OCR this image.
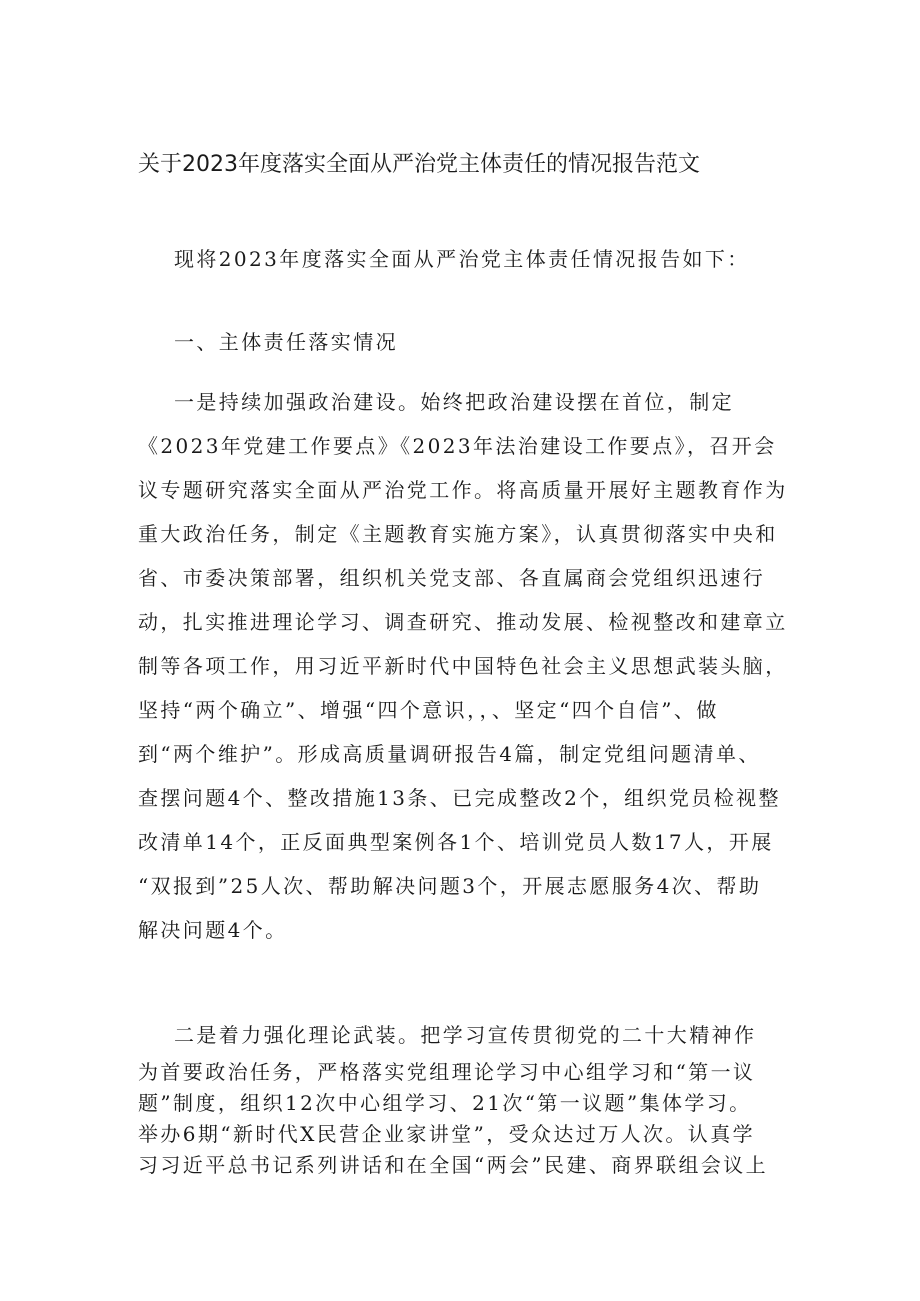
关于2023年度落实全面从严治党主体责任的情况报告范文
现将2023年度落实全面从严治党主体责任情况报告如下：
一、主体责任落实情况
一是持续加强政治建设。始终把政治建设摆在首位，制定
《2023年党建工作要点》《2023年法治建设工作要点》，召开会
议专题研究落实全面从严治党工作。将高质量开展好主题教育作为
重大政治任务，制定《主题教育实施方案》，认真贯彻落实中央和
省、市委决策部署，组织机关党支部、各直属商会党组织迅速行
动，扎实推进理论学习、调查研究、推动发展、检视整改和建章立
制等各项工作，用习近平新时代中国特色社会主义思想武装头脑，
坚持“两个确立”、增强“四个意识，，、坚定“四个自信”、做
到“两个维护”。形成高质量调研报告4篇，制定党组问题清单、
查摆问题4个、整改措施13条、已完成整改2个，组织党员检视整
改清单14个，正反面典型案例各1个、培训党员人数17人，开展
“双报到”25人次、帮助解决问题3个，开展志愿服务4次、帮助
解决问题4个。
二是着力强化理论武装。把学习宣传贯彻党的二十大精神作
为首要政治任务，严格落实党组理论学习中心组学习和“第一议
题”制度，组织12次中心组学习、21次“第一议题”集体学习。
举办6期“新时代X民营企业家讲堂”，受众达过万人次。认真学
习习近平总书记系列讲话和在全国“两会”民建、商界联组会议上
